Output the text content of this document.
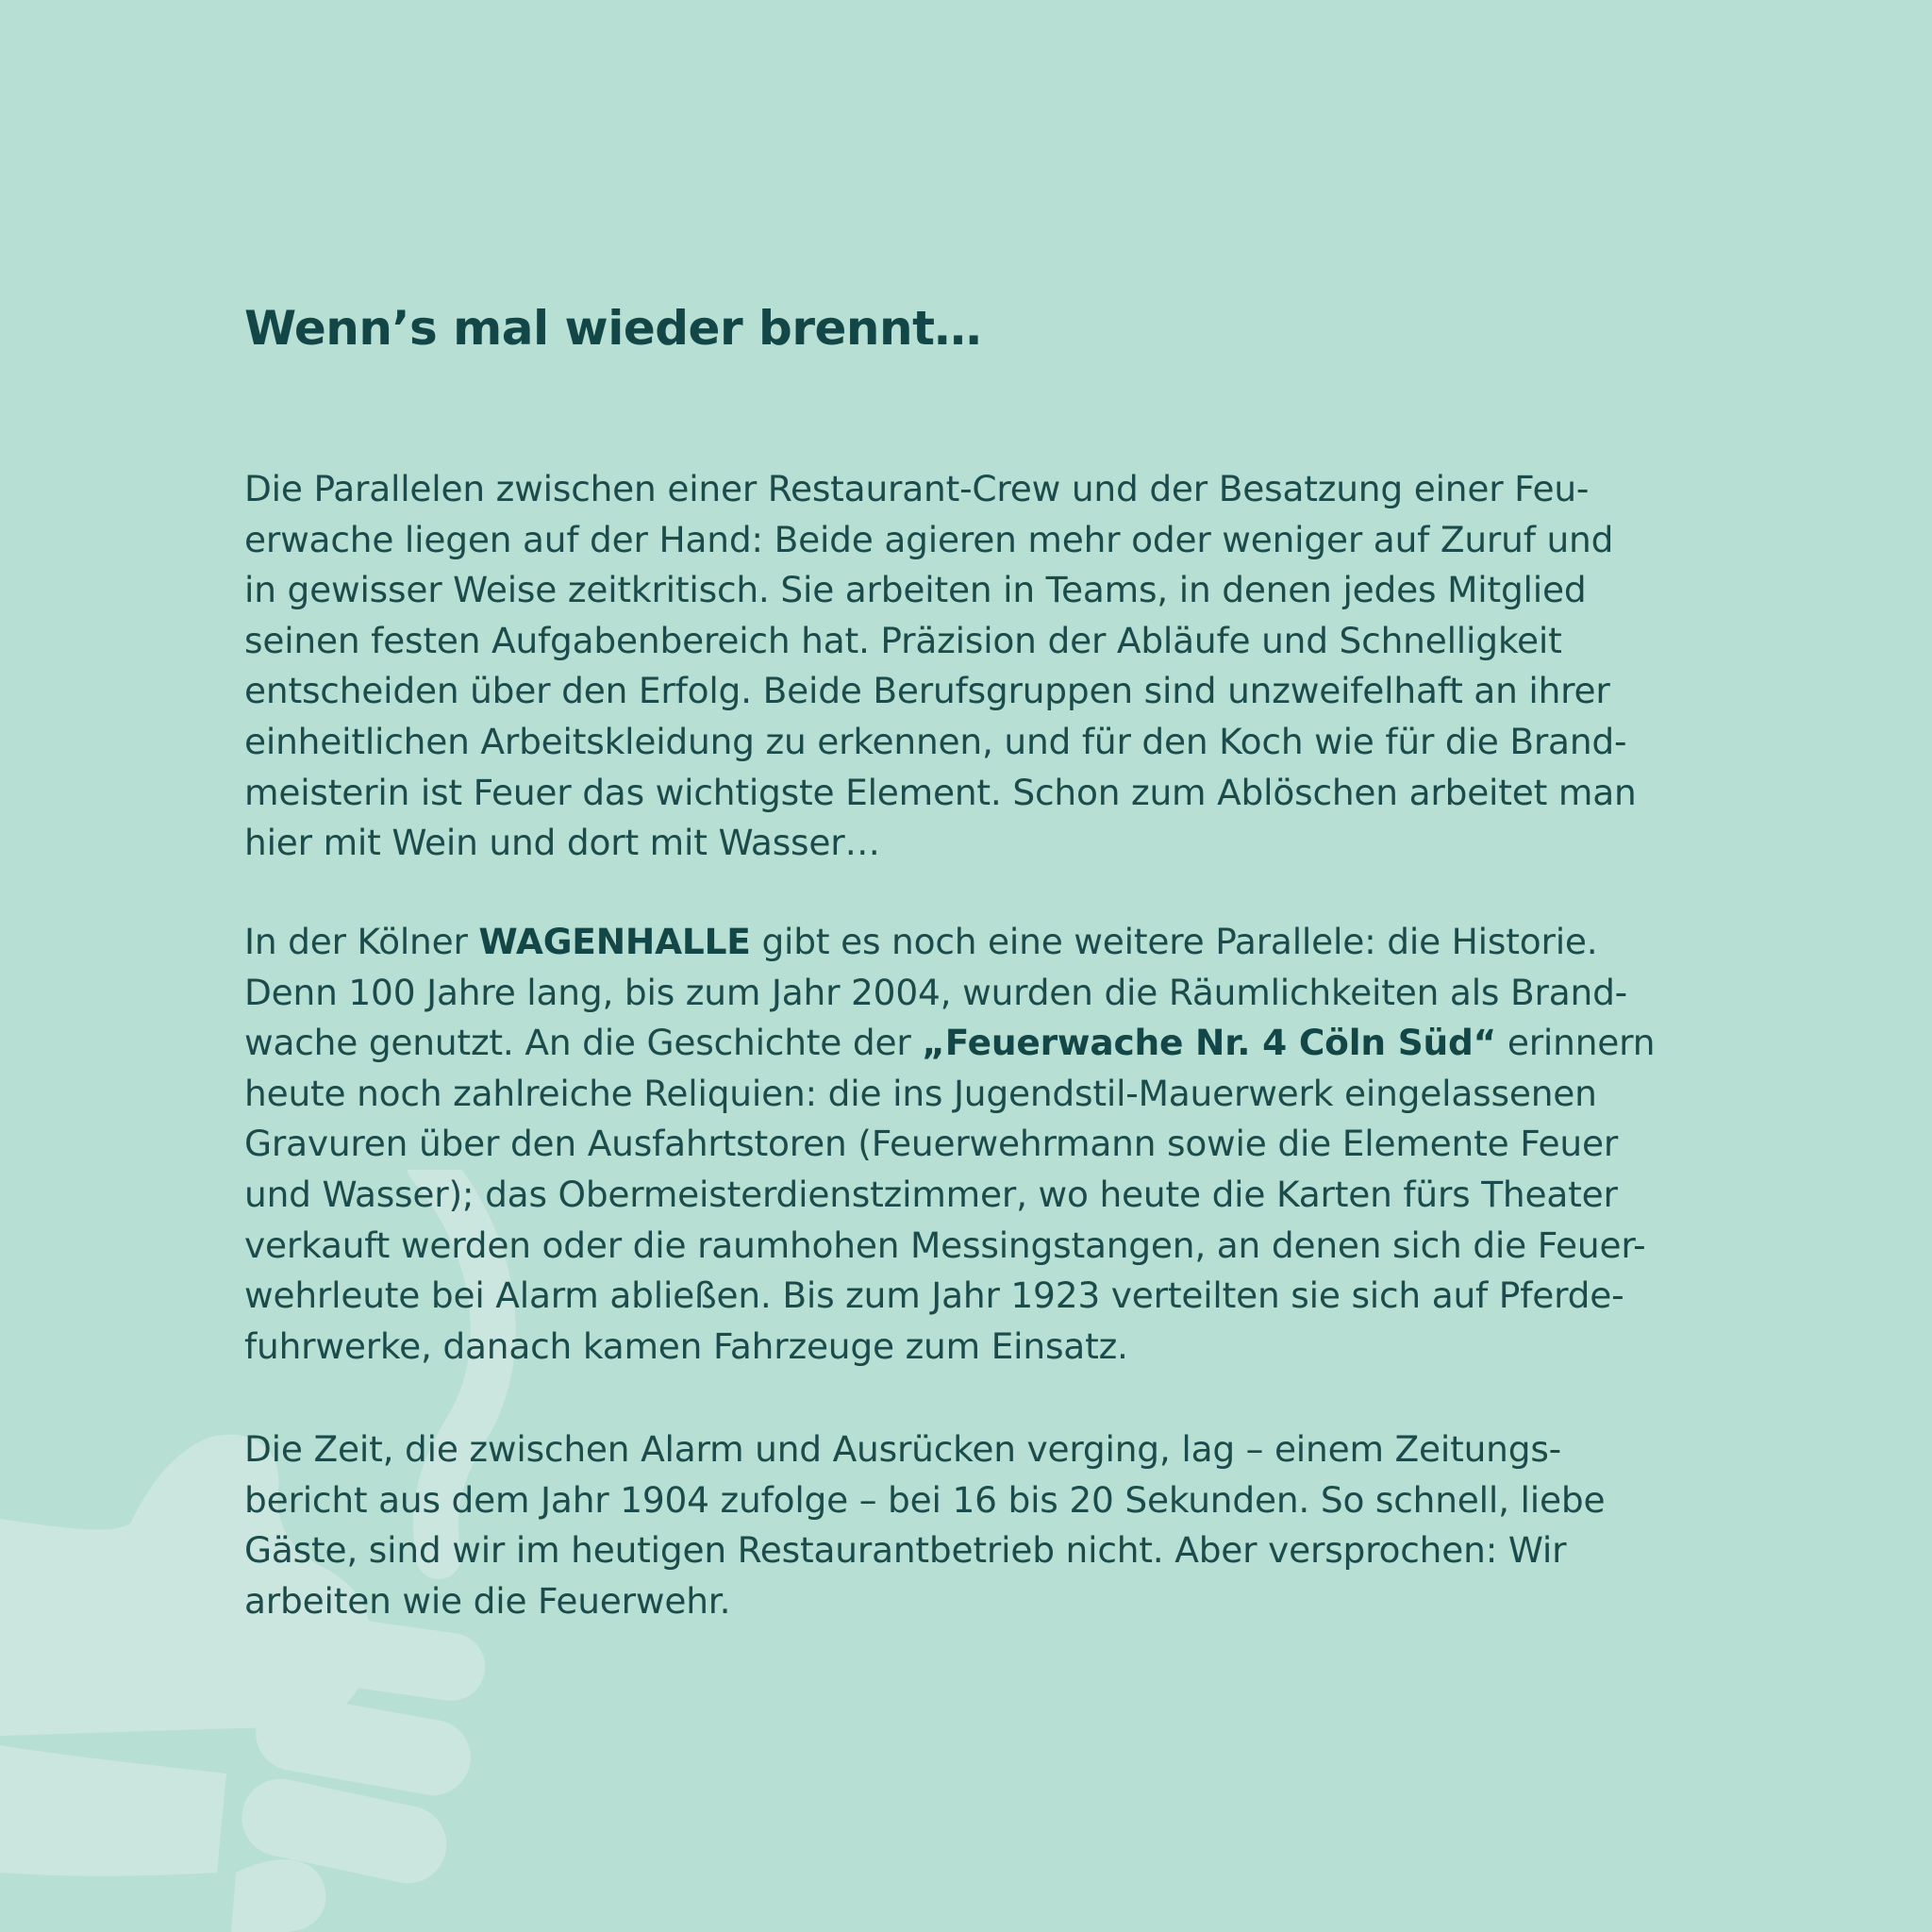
Wenn’s mal wieder brennt…

Die Parallelen zwischen einer Restaurant-Crew und der Besatzung einer Feu-
erwache liegen auf der Hand: Beide agieren mehr oder weniger auf Zuruf und
in gewisser Weise zeitkritisch. Sie arbeiten in Teams, in denen jedes Mitglied
seinen festen Aufgabenbereich hat. Präzision der Abläufe und Schnelligkeit
entscheiden über den Erfolg. Beide Berufsgruppen sind unzweifelhaft an ihrer
einheitlichen Arbeitskleidung zu erkennen, und für den Koch wie für die Brand-
meisterin ist Feuer das wichtigste Element. Schon zum Ablöschen arbeitet man
hier mit Wein und dort mit Wasser…

In der Kölner WAGENHALLE gibt es noch eine weitere Parallele: die Historie.
Denn 100 Jahre lang, bis zum Jahr 2004, wurden die Räumlichkeiten als Brand-
wache genutzt. An die Geschichte der „Feuerwache Nr. 4 Cöln Süd“ erinnern
heute noch zahlreiche Reliquien: die ins Jugendstil-Mauerwerk eingelassenen
Gravuren über den Ausfahrtstoren (Feuerwehrmann sowie die Elemente Feuer
und Wasser); das Obermeisterdienstzimmer, wo heute die Karten fürs Theater
verkauft werden oder die raumhohen Messingstangen, an denen sich die Feuer-
wehrleute bei Alarm abließen. Bis zum Jahr 1923 verteilten sie sich auf Pferde-
fuhrwerke, danach kamen Fahrzeuge zum Einsatz.

Die Zeit, die zwischen Alarm und Ausrücken verging, lag – einem Zeitungs-
bericht aus dem Jahr 1904 zufolge – bei 16 bis 20 Sekunden. So schnell, liebe
Gäste, sind wir im heutigen Restaurantbetrieb nicht. Aber versprochen: Wir
arbeiten wie die Feuerwehr.
